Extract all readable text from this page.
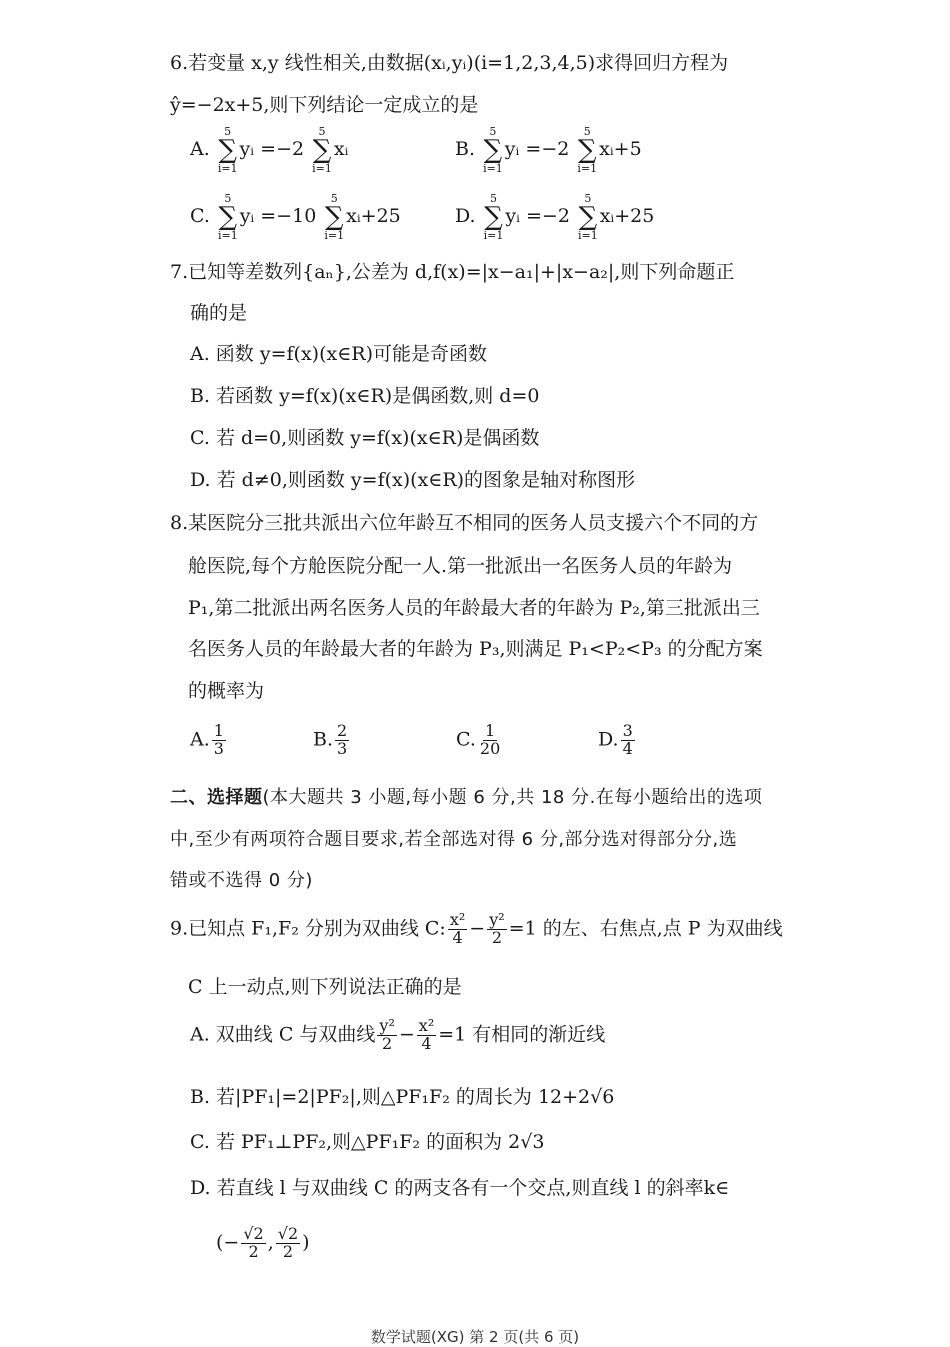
6.若变量 x,y 线性相关,由数据(xᵢ,yᵢ)(i=1,2,3,4,5)求得回归方程为
ŷ=−2x+5,则下列结论一定成立的是
A.
5
∑
i=1
yᵢ =−2
5
∑
i=1
xᵢ	B.
5
∑
i=1
yᵢ =−2
5
∑
i=1
xᵢ+5
C.
5
∑
i=1
yᵢ =−10
5
∑
i=1
xᵢ+25	D.
5
∑
i=1
yᵢ =−2
5
∑
i=1
xᵢ+25
7.已知等差数列{aₙ},公差为 d,f(x)=|x−a₁|+|x−a₂|,则下列命题正
确的是
A. 函数 y=f(x)(x∈R)可能是奇函数
B. 若函数 y=f(x)(x∈R)是偶函数,则 d=0
C. 若 d=0,则函数 y=f(x)(x∈R)是偶函数
D. 若 d≠0,则函数 y=f(x)(x∈R)的图象是轴对称图形
8.某医院分三批共派出六位年龄互不相同的医务人员支援六个不同的方
舱医院,每个方舱医院分配一人.第一批派出一名医务人员的年龄为
P₁,第二批派出两名医务人员的年龄最大者的年龄为 P₂,第三批派出三
名医务人员的年龄最大者的年龄为 P₃,则满足 P₁<P₂<P₃ 的分配方案
的概率为
A. $\frac{1}{3}$	B. $\frac{2}{3}$	C. $\frac{1}{20}$	D. $\frac{3}{4}$
二、选择题(本大题共 3 小题,每小题 6 分,共 18 分.在每小题给出的选项
中,至少有两项符合题目要求,若全部选对得 6 分,部分选对得部分分,选
错或不选得 0 分)
9.已知点 F₁,F₂ 分别为双曲线 C: $\frac{\text{x²}}{4} - \frac{\text{y²}}{2} =1$ 的左、右焦点,点 P 为双曲线
C 上一动点,则下列说法正确的是
A. 双曲线 C 与双曲线 $\frac{\text{y²}}{2} - \frac{\text{x²}}{4} =1$ 有相同的渐近线
B. 若|PF₁|=2|PF₂|,则△PF₁F₂ 的周长为 12+2√6
C. 若 PF₁⊥PF₂,则△PF₁F₂ 的面积为 2√3
D. 若直线 l 与双曲线 C 的两支各有一个交点,则直线 l 的斜率k∈
(− $\frac{√2}{2}$ , $\frac{√2}{2}$ )
数学试题(XG) 第 2 页(共 6 页)
